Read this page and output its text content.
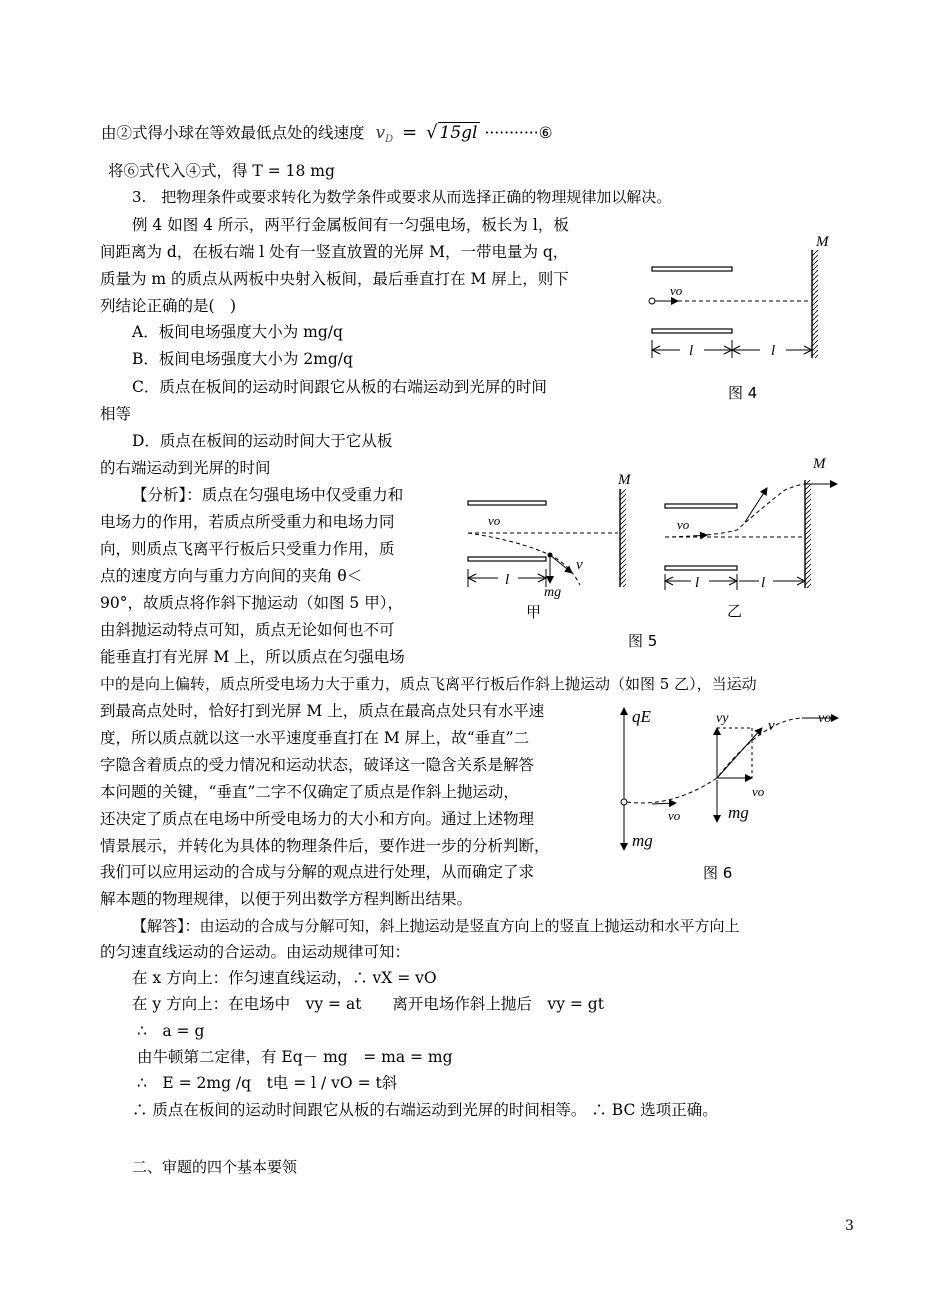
由②式得小球在等效最低点处的线速度 $v_D$ = √ 15gl ···········⑥
将⑥式代入④式，得 T = 18 mg
3.　把物理条件或要求转化为数学条件或要求从而选择正确的物理规律加以解决。
例 4 如图 4 所示，两平行金属板间有一匀强电场，板长为 l，板
间距离为 d，在板右端 l 处有一竖直放置的光屏 M，一带电量为 q，
质量为 m 的质点从两板中央射入板间，最后垂直打在 M 屏上，则下
列结论正确的是(　)
A．板间电场强度大小为 mg/q
B．板间电场强度大小为 2mg/q
C．质点在板间的运动时间跟它从板的右端运动到光屏的时间
相等
D．质点在板间的运动时间大于它从板
的右端运动到光屏的时间
【分析】：质点在匀强电场中仅受重力和
电场力的作用，若质点所受重力和电场力同
向，则质点飞离平行板后只受重力作用，质
点的速度方向与重力方向间的夹角 θ＜
90°，故质点将作斜下抛运动（如图 5 甲），
由斜抛运动特点可知，质点无论如何也不可
能垂直打有光屏 M 上，所以质点在匀强电场
中的是向上偏转，质点所受电场力大于重力，质点飞离平行板后作斜上抛运动（如图 5 乙），当运动
到最高点处时，恰好打到光屏 M 上，质点在最高点处只有水平速
度，所以质点就以这一水平速度垂直打在 M 屏上，故“垂直”二
字隐含着质点的受力情况和运动状态，破译这一隐含关系是解答
本问题的关键，“垂直”二字不仅确定了质点是作斜上抛运动，
还决定了质点在电场中所受电场力的大小和方向。通过上述物理
情景展示，并转化为具体的物理条件后，要作进一步的分析判断，
我们可以应用运动的合成与分解的观点进行处理，从而确定了求
解本题的物理规律，以便于列出数学方程判断出结果。
【解答】：由运动的合成与分解可知，斜上抛运动是竖直方向上的竖直上抛运动和水平方向上
的匀速直线运动的合运动。由运动规律可知：
在 x 方向上：作匀速直线运动，∴ vX = vO
在 y 方向上：在电场中　vy = at　　离开电场作斜上抛后　vy = gt
∴　a = g
由牛顿第二定律，有 Eq－ mg　= ma = mg
∴　E = 2mg /q　t电 = l / vO = t斜
∴ 质点在板间的运动时间跟它从板的右端运动到光屏的时间相等。 ∴ BC 选项正确。
二、审题的四个基本要领
3
M
vo
l	l
图 4
M
vo
v
mg
l
甲
M
vo
l	l
乙
图 5
qE
mg
vo
vy	v	vo
vo
mg
图 6
